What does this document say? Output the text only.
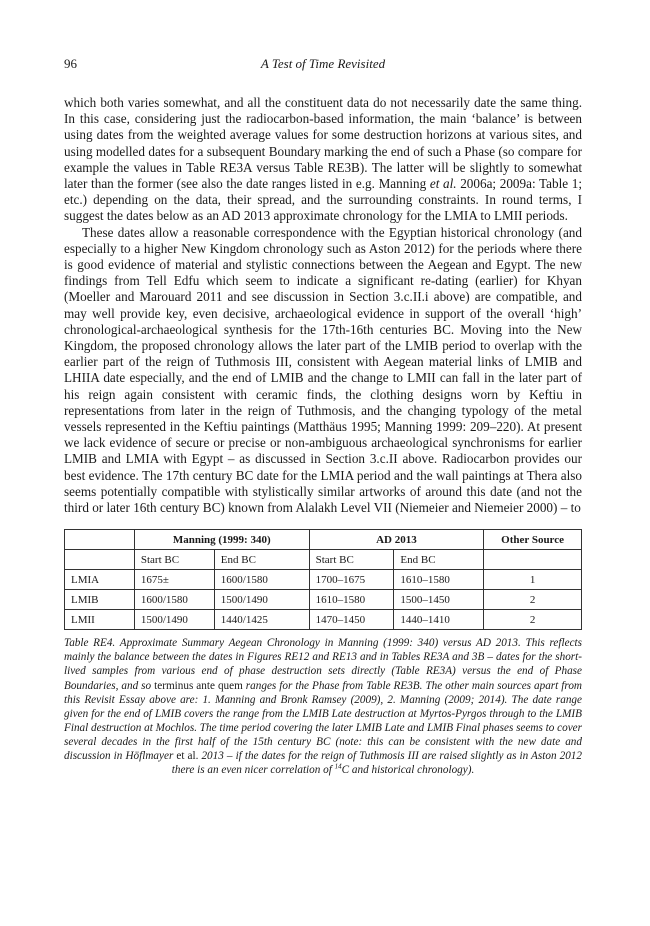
96	A Test of Time Revisited

which both varies somewhat, and all the constituent data do not necessarily date the same thing. In this case, considering just the radiocarbon-based information, the main ‘balance’ is between using dates from the weighted average values for some destruction horizons at various sites, and using modelled dates for a subsequent Boundary marking the end of such a Phase (so compare for example the values in Table RE3A versus Table RE3B). The latter will be slightly to somewhat later than the former (see also the date ranges listed in e.g. Manning et al. 2006a; 2009a: Table 1; etc.) depending on the data, their spread, and the surrounding constraints. In round terms, I suggest the dates below as an AD 2013 approximate chronology for the LMIA to LMII periods.

These dates allow a reasonable correspondence with the Egyptian historical chronology (and especially to a higher New Kingdom chronology such as Aston 2012) for the periods where there is good evidence of material and stylistic connections between the Aegean and Egypt. The new findings from Tell Edfu which seem to indicate a significant re-dating (earlier) for Khyan (Moeller and Marouard 2011 and see discussion in Section 3.c.II.i above) are compatible, and may well provide key, even decisive, archaeological evidence in support of the overall ‘high’ chronological-archaeological synthesis for the 17th-16th centuries BC. Moving into the New Kingdom, the proposed chronology allows the later part of the LMIB period to overlap with the earlier part of the reign of Tuthmosis III, consistent with Aegean material links of LMIB and LHIIA date especially, and the end of LMIB and the change to LMII can fall in the later part of his reign again consistent with ceramic finds, the clothing designs worn by Keftiu in representations from later in the reign of Tuthmosis, and the changing typology of the metal vessels represented in the Keftiu paintings (Matthäus 1995; Manning 1999: 209–220). At present we lack evidence of secure or precise or non-ambiguous archaeological synchronisms for earlier LMIB and LMIA with Egypt – as discussed in Section 3.c.II above. Radiocarbon provides our best evidence. The 17th century BC date for the LMIA period and the wall paintings at Thera also seems potentially compatible with stylistically similar artworks of around this date (and not the third or later 16th century BC) known from Alalakh Level VII (Niemeier and Niemeier 2000) – to

	Manning (1999: 340)		AD 2013		Other Source
	Start BC	End BC	Start BC	End BC	
LMIA	1675±	1600/1580	1700–1675	1610–1580	1
LMIB	1600/1580	1500/1490	1610–1580	1500–1450	2
LMII	1500/1490	1440/1425	1470–1450	1440–1410	2
Table RE4. Approximate Summary Aegean Chronology in Manning (1999: 340) versus AD 2013. This reflects mainly the balance between the dates in Figures RE12 and RE13 and in Tables RE3A and 3B – dates for the short-lived samples from various end of phase destruction sets directly (Table RE3A) versus the end of Phase Boundaries, and so terminus ante quem ranges for the Phase from Table RE3B. The other main sources apart from this Revisit Essay above are: 1. Manning and Bronk Ramsey (2009), 2. Manning (2009; 2014). The date range given for the end of LMIB covers the range from the LMIB Late destruction at Myrtos-Pyrgos through to the LMIB Final destruction at Mochlos. The time period covering the later LMIB Late and LMIB Final phases seems to cover several decades in the first half of the 15th century BC (note: this can be consistent with the new date and discussion in Höflmayer et al. 2013 – if the dates for the reign of Tuthmosis III are raised slightly as in Aston 2012 there is an even nicer correlation of $^{14}$C and historical chronology).
